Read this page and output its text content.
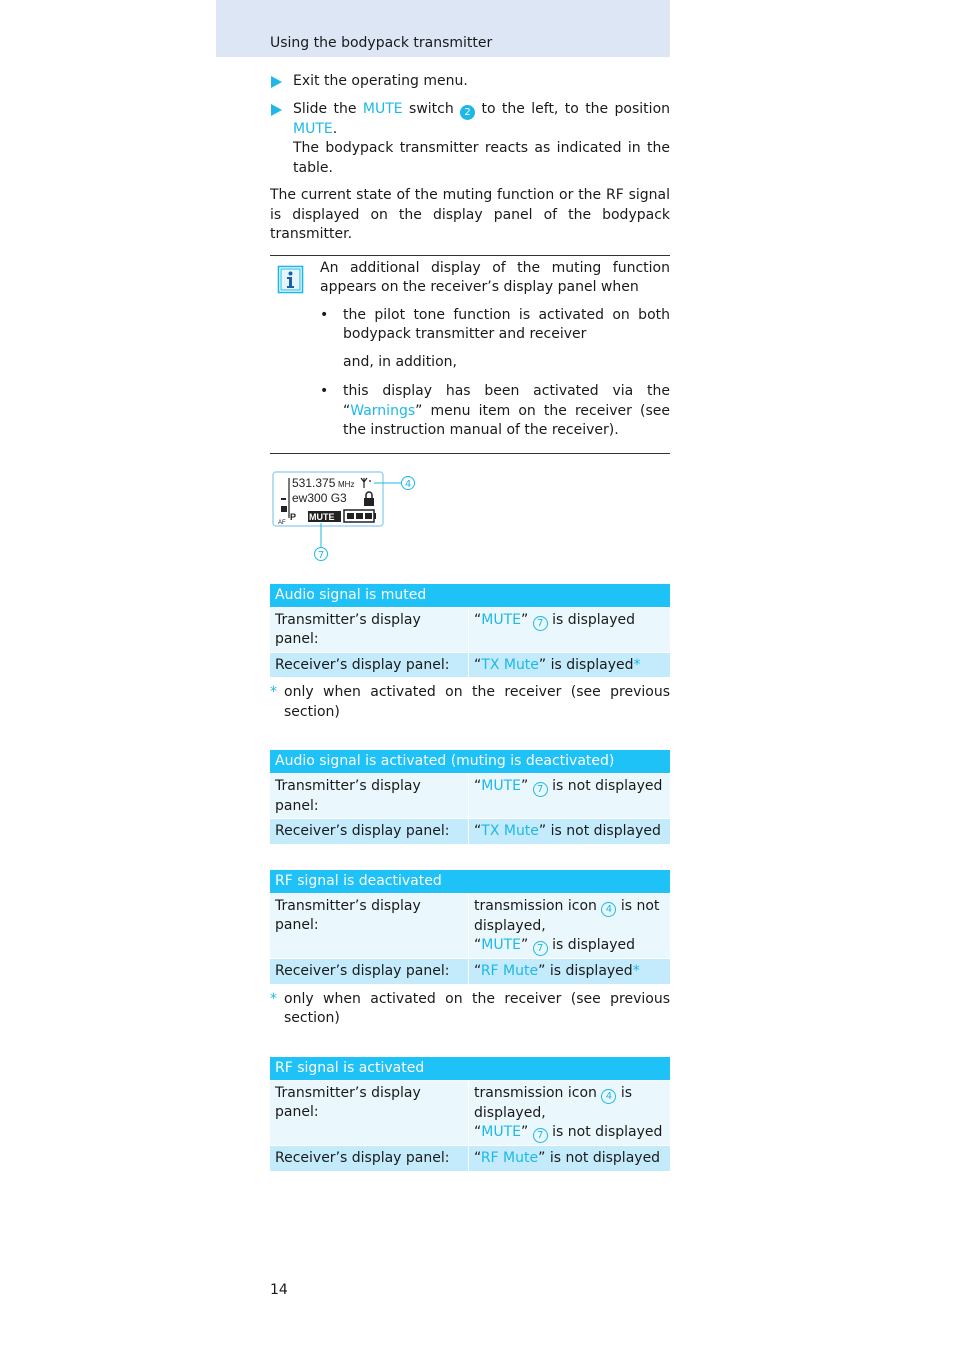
Using the bodypack transmitter
Exit the operating menu.
Slide the MUTE switch 2 to the left, to the position MUTE.
The bodypack transmitter reacts as indicated in the table.
The current state of the muting function or the RF signal is displayed on the display panel of the bodypack transmitter.

An additional display of the muting function appears on the receiver’s display panel when

• the pilot tone function is activated on both bodypack transmitter and receiver
and, in addition,
• this display has been activated via the “Warnings” menu item on the receiver (see the instruction manual of the receiver).
531.375 MHz
ew300 G3
AF
P MUTE
4
7
Audio signal is muted	
Transmitter’s display panel:	“MUTE” 7 is displayed
Receiver’s display panel:	“TX Mute” is displayed*
* only when activated on the receiver (see previous section)
Audio signal is activated (muting is deactivated)	
Transmitter’s display panel:	“MUTE” 7 is not displayed
Receiver’s display panel:	“TX Mute” is not displayed
RF signal is deactivated	
Transmitter’s display panel:	transmission icon 4 is not
displayed,
“MUTE” 7 is displayed
Receiver’s display panel:	“RF Mute” is displayed*
* only when activated on the receiver (see previous section)
RF signal is activated	
Transmitter’s display panel:	transmission icon 4 is
displayed,
“MUTE” 7 is not displayed
Receiver’s display panel:	“RF Mute” is not displayed
14
